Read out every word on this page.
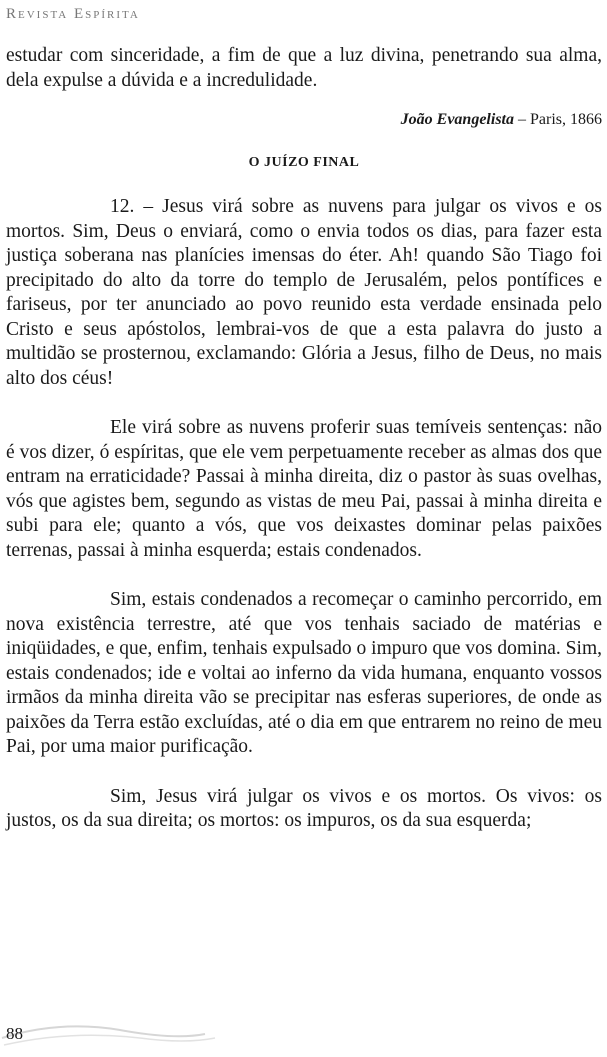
Revista Espírita

estudar com sinceridade, a fim de que a luz divina, penetrando sua alma, dela expulse a dúvida e a incredulidade.

João Evangelista – Paris, 1866
O JUÍZO FINAL

12. – Jesus virá sobre as nuvens para julgar os vivos e os mortos. Sim, Deus o enviará, como o envia todos os dias, para fazer esta justiça soberana nas planícies imensas do éter. Ah! quando São Tiago foi precipitado do alto da torre do templo de Jerusalém, pelos pontífices e fariseus, por ter anunciado ao povo reunido esta verdade ensinada pelo Cristo e seus apóstolos, lembrai-vos de que a esta palavra do justo a multidão se prosternou, exclamando: Glória a Jesus, filho de Deus, no mais alto dos céus!

Ele virá sobre as nuvens proferir suas temíveis sentenças: não é vos dizer, ó espíritas, que ele vem perpetuamente receber as almas dos que entram na erraticidade? Passai à minha direita, diz o pastor às suas ovelhas, vós que agistes bem, segundo as vistas de meu Pai, passai à minha direita e subi para ele; quanto a vós, que vos deixastes dominar pelas paixões terrenas, passai à minha esquerda; estais condenados.

Sim, estais condenados a recomeçar o caminho percorrido, em nova existência terrestre, até que vos tenhais saciado de matérias e iniqüidades, e que, enfim, tenhais expulsado o impuro que vos domina. Sim, estais condenados; ide e voltai ao inferno da vida humana, enquanto vossos irmãos da minha direita vão se precipitar nas esferas superiores, de onde as paixões da Terra estão excluídas, até o dia em que entrarem no reino de meu Pai, por uma maior purificação.

Sim, Jesus virá julgar os vivos e os mortos. Os vivos: os justos, os da sua direita; os mortos: os impuros, os da sua esquerda;

88
